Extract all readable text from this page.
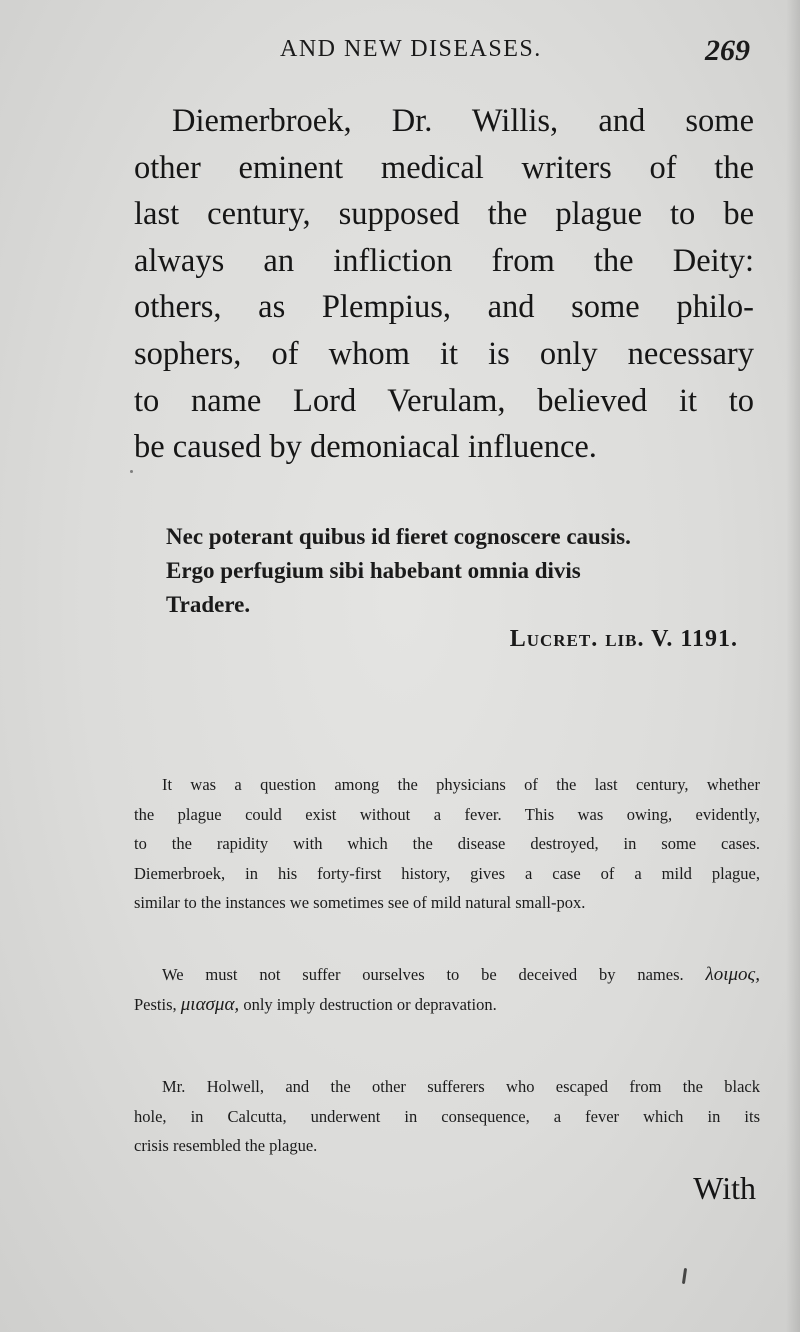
AND NEW DISEASES.	269
Diemerbroek, Dr. Willis, and some
other eminent medical writers of the
last century, supposed the plague to be
always an infliction from the Deity:
others, as Plempius, and some philo-
sophers, of whom it is only necessary
to name Lord Verulam, believed it to
be caused by demoniacal influence.
Nec poterant quibus id fieret cognoscere causis.
Ergo perfugium sibi habebant omnia divis
Tradere.
Lucret. lib. V. 1191.
It was a question among the physicians of the last century, whether
the plague could exist without a fever. This was owing, evidently,
to the rapidity with which the disease destroyed, in some cases.
Diemerbroek, in his forty-first history, gives a case of a mild plague,
similar to the instances we sometimes see of mild natural small-pox.
We must not suffer ourselves to be deceived by names. λοιμος,
Pestis, μιασμα, only imply destruction or depravation.
Mr. Holwell, and the other sufferers who escaped from the black
hole, in Calcutta, underwent in consequence, a fever which in its
crisis resembled the plague.
With
